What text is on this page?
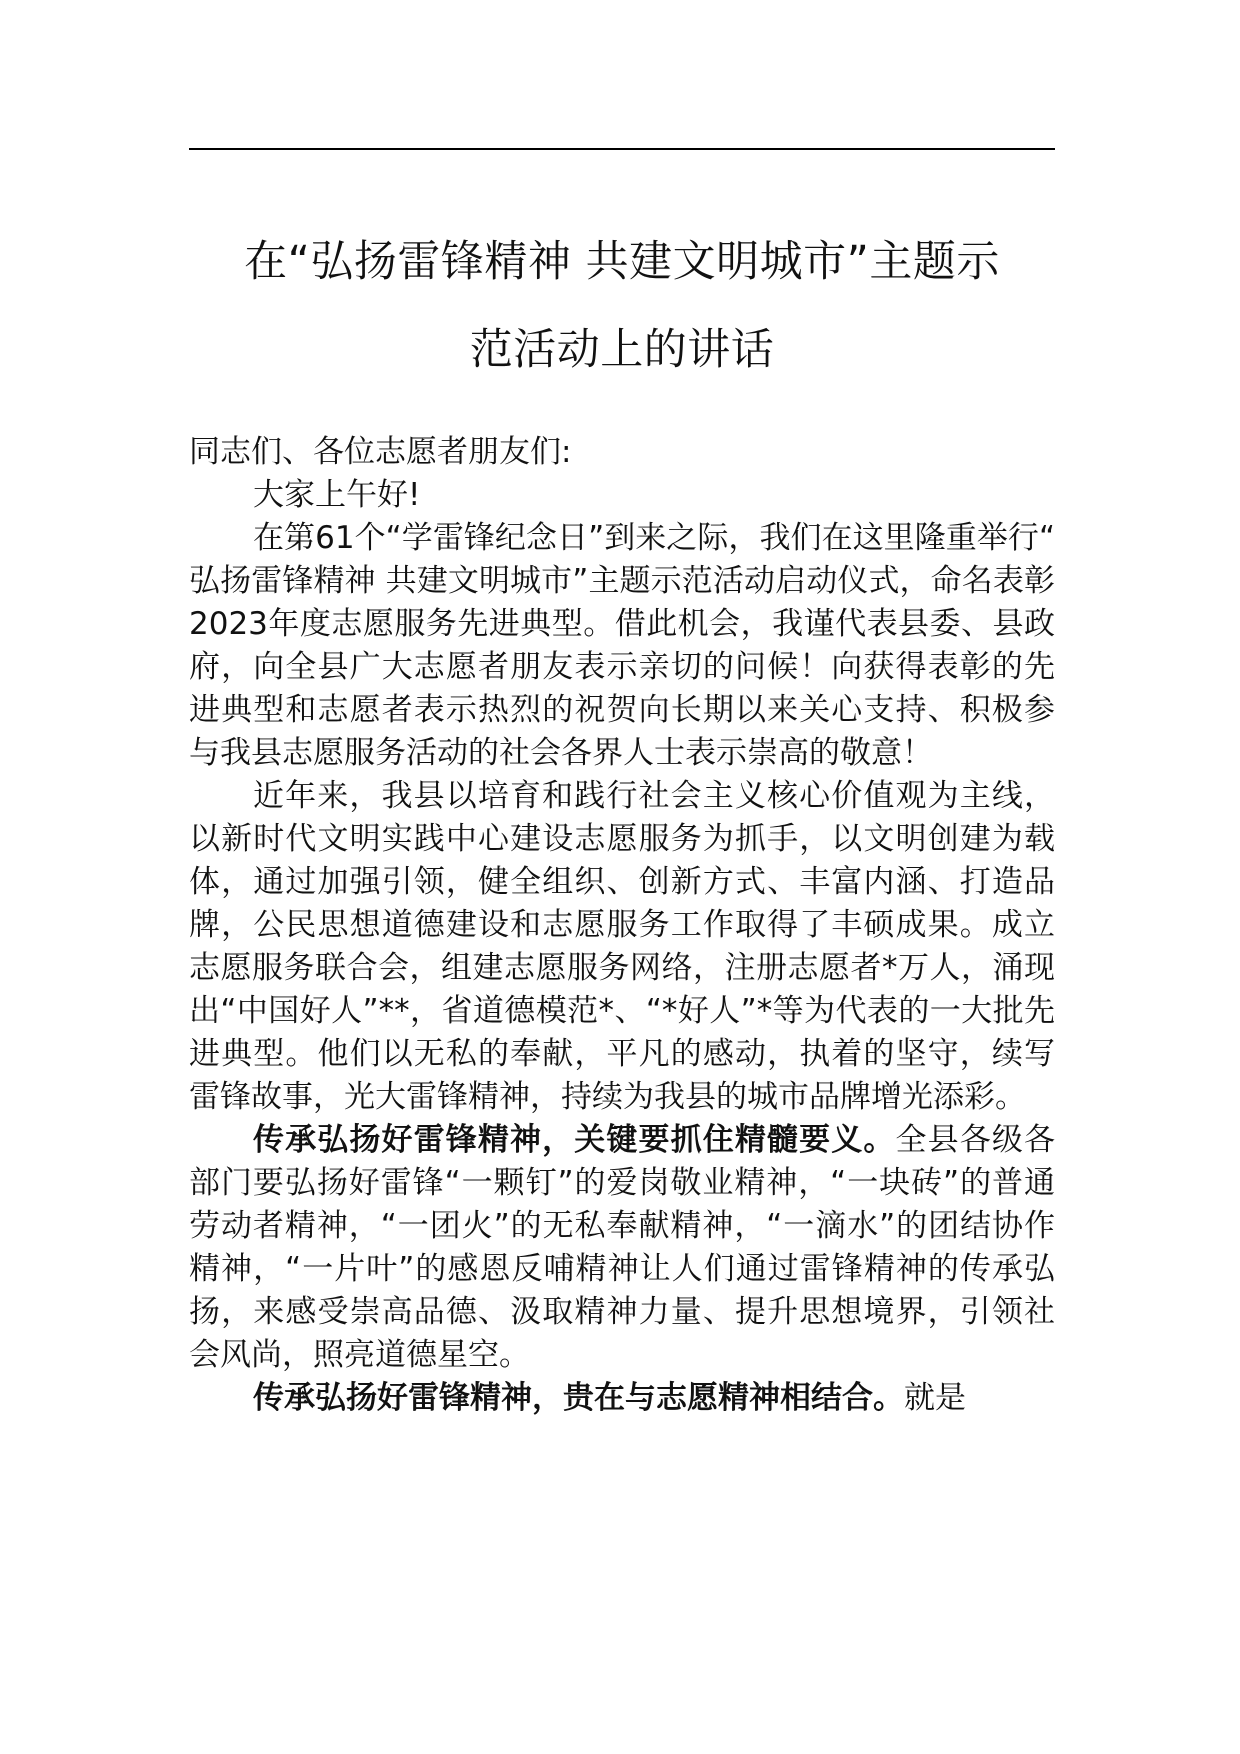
在“弘扬雷锋精神 共建文明城市”主题示
范活动上的讲话

同志们、各位志愿者朋友们:

大家上午好!

在第61个“学雷锋纪念日”到来之际，我们在这里隆重举行“弘扬雷锋精神 共建文明城市”主题示范活动启动仪式，命名表彰2023年度志愿服务先进典型。借此机会，我谨代表县委、县政府，向全县广大志愿者朋友表示亲切的问候！向获得表彰的先进典型和志愿者表示热烈的祝贺向长期以来关心支持、积极参与我县志愿服务活动的社会各界人士表示崇高的敬意！

近年来，我县以培育和践行社会主义核心价值观为主线，以新时代文明实践中心建设志愿服务为抓手，以文明创建为载体，通过加强引领，健全组织、创新方式、丰富内涵、打造品牌，公民思想道德建设和志愿服务工作取得了丰硕成果。成立志愿服务联合会，组建志愿服务网络，注册志愿者*万人，涌现出“中国好人”**，省道德模范*、“*好人”*等为代表的一大批先进典型。他们以无私的奉献，平凡的感动，执着的坚守，续写雷锋故事，光大雷锋精神，持续为我县的城市品牌增光添彩。

传承弘扬好雷锋精神，关键要抓住精髓要义。全县各级各部门要弘扬好雷锋“一颗钉”的爱岗敬业精神，“一块砖”的普通劳动者精神，“一团火”的无私奉献精神，“一滴水”的团结协作精神，“一片叶”的感恩反哺精神让人们通过雷锋精神的传承弘扬，来感受崇高品德、汲取精神力量、提升思想境界，引领社会风尚，照亮道德星空。

传承弘扬好雷锋精神，贵在与志愿精神相结合。就是
